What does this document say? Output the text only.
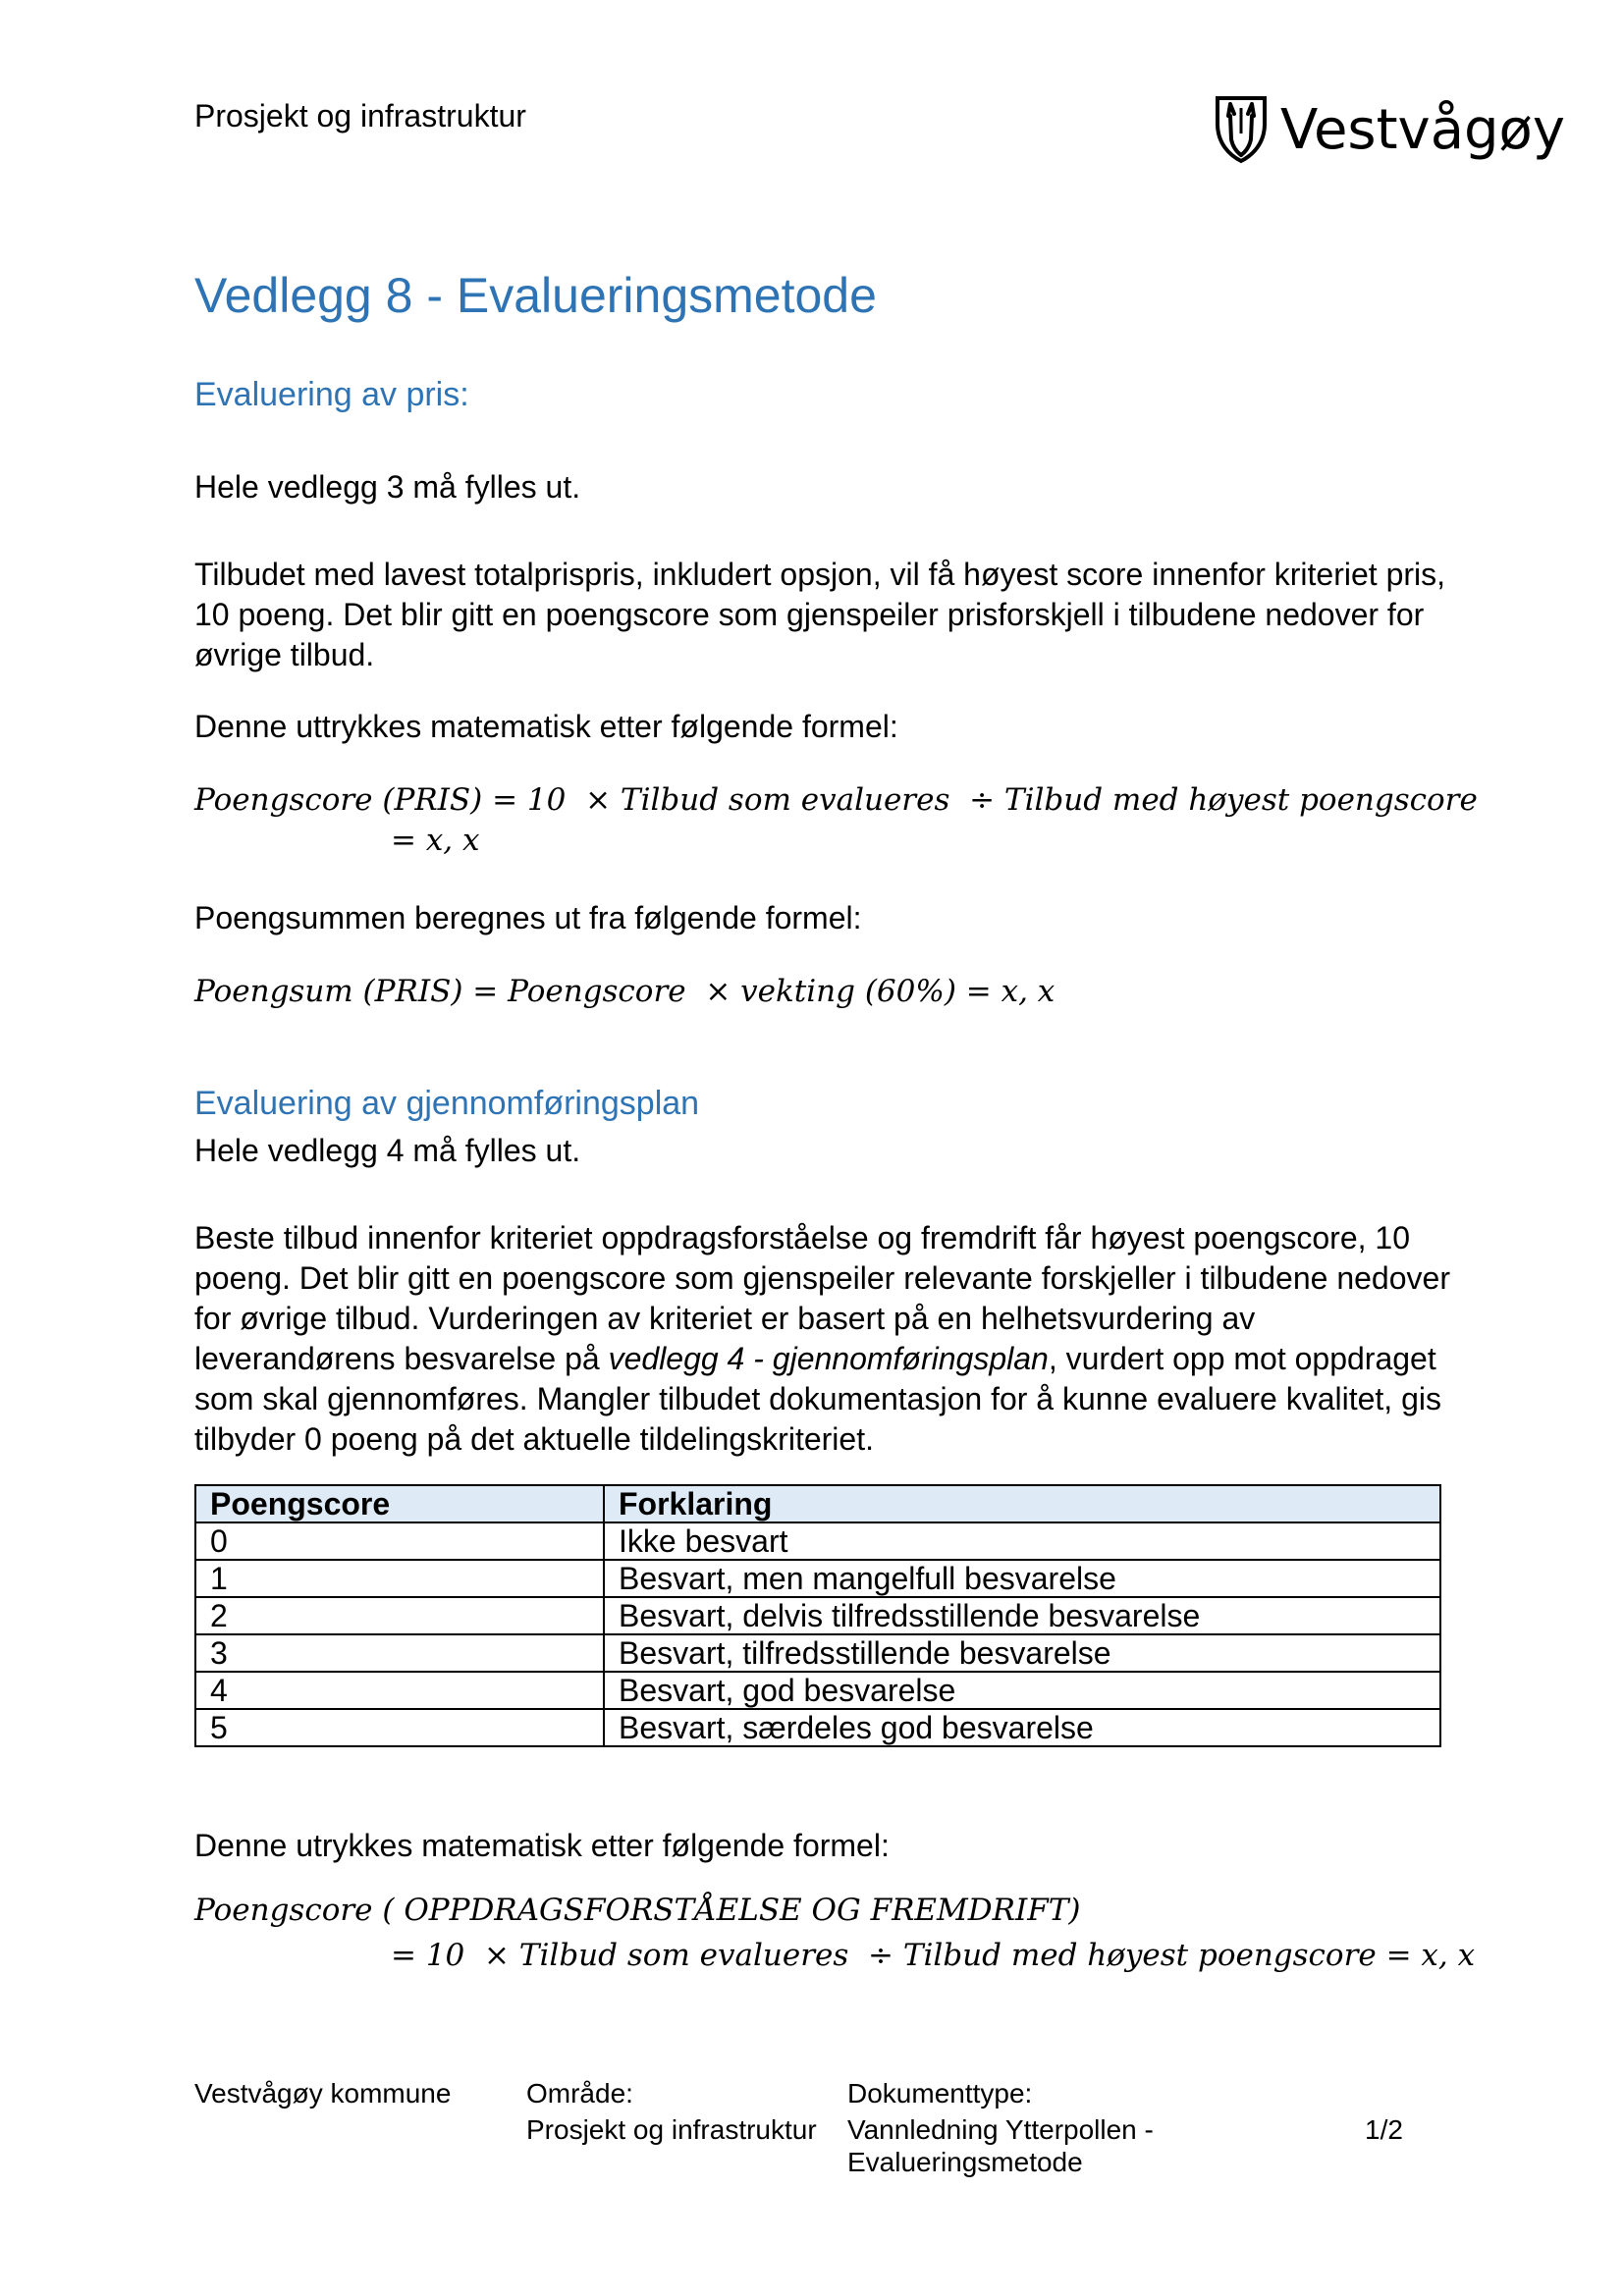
Prosjekt og infrastruktur	Vestvågøy
Vedlegg 8 - Evalueringsmetode
Evaluering av pris:
Hele vedlegg 3 må fylles ut.
Tilbudet med lavest totalprispris, inkludert opsjon, vil få høyest score innenfor kriteriet pris, 10 poeng. Det blir gitt en poengscore som gjenspeiler prisforskjell i tilbudene nedover for øvrige tilbud.
Denne uttrykkes matematisk etter følgende formel:
Poengscore (PRIS) = 10  × Tilbud som evalueres  ÷ Tilbud med høyest poengscore
= x, x
Poengsummen beregnes ut fra følgende formel:
Poengsum (PRIS) = Poengscore  × vekting (60%) = x, x
Evaluering av gjennomføringsplan
Hele vedlegg 4 må fylles ut.
Beste tilbud innenfor kriteriet oppdragsforståelse og fremdrift får høyest poengscore, 10 poeng. Det blir gitt en poengscore som gjenspeiler relevante forskjeller i tilbudene nedover for øvrige tilbud. Vurderingen av kriteriet er basert på en helhetsvurdering av leverandørens besvarelse på vedlegg 4 - gjennomføringsplan, vurdert opp mot oppdraget som skal gjennomføres. Mangler tilbudet dokumentasjon for å kunne evaluere kvalitet, gis tilbyder 0 poeng på det aktuelle tildelingskriteriet.
Poengscore	Forklaring
0	Ikke besvart
1	Besvart, men mangelfull besvarelse
2	Besvart, delvis tilfredsstillende besvarelse
3	Besvart, tilfredsstillende besvarelse
4	Besvart, god besvarelse
5	Besvart, særdeles god besvarelse
Denne utrykkes matematisk etter følgende formel:
Poengscore ( OPPDRAGSFORSTÅELSE OG FREMDRIFT)
= 10  × Tilbud som evalueres  ÷ Tilbud med høyest poengscore = x, x
Vestvågøy kommune	Område:
Prosjekt og infrastruktur
Dokumenttype:
Vannledning Ytterpollen -
Evalueringsmetode
1/2
